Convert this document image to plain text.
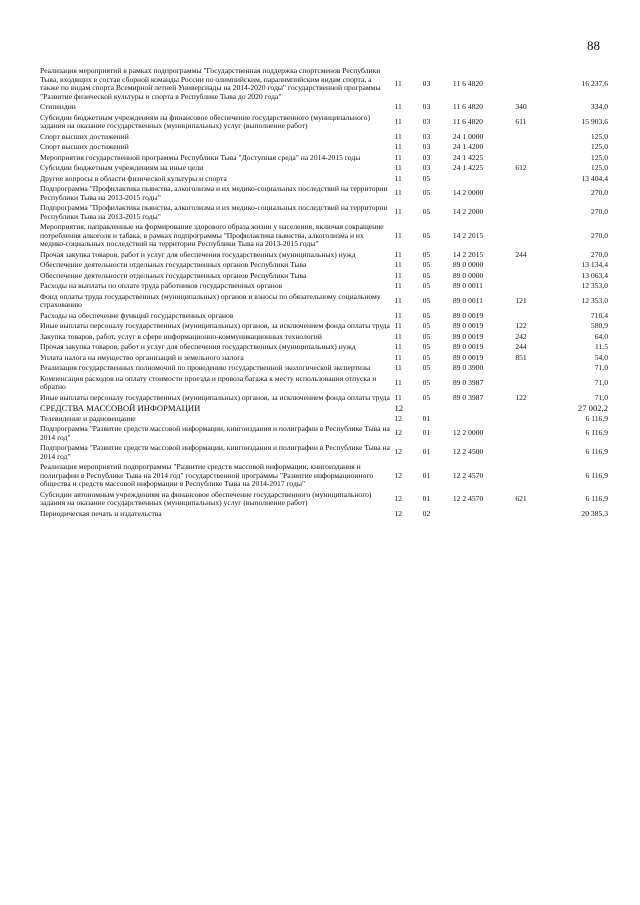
88
Реализация мероприятий в рамках подпрограммы "Государственная поддержка спортсменов Республики Тыва, входящих в состав сборной команды России по олимпийским, паралимпийским видам спорта, а также по видам спорта Всемирной летней Универсиады на 2014-2020 годы" государственной программы "Развитие физической культуры и спорта в Республике Тыва до 2020 года"	11	03	11 6 4820		16 237,6
Стипендии	11	03	11 6 4820	340	334,0
Субсидии бюджетным учреждениям на финансовое обеспечение государственного (муниципального) задания на оказание государственных (муниципальных) услуг (выполнение работ)	11	03	11 6 4820	611	15 903,6
Спорт высших достижений	11	03	24 1 0000		125,0
Спорт высших достижений	11	03	24 1 4200		125,0
Мероприятия государственной программы Республики Тыва "Доступная среда" на 2014-2015 годы	11	03	24 1 4225		125,0
Субсидии бюджетным учреждениям на иные цели	11	03	24 1 4225	612	125,0
Другие вопросы в области физической культуры и спорта	11	05			13 404,4
Подпрограмма "Профилактика пьянства, алкоголизма и их медико-социальных последствий на территории Республики Тыва на 2013-2015 годы"	11	05	14 2 0000		270,0
Подпрограмма "Профилактика пьянства, алкоголизма и их медико-социальных последствий на территории Республики Тыва на 2013-2015 годы"	11	05	14 2 2000		270,0
Мероприятия, направленные на формирование здорового образа жизни у населения, включая сокращение потребления алкоголя и табака, в рамках подпрограммы "Профилактика пьянства, алкоголизма и их медико-социальных последствий на территории Республики Тыва на 2013-2015 годы"	11	05	14 2 2015		270,0
Прочая закупка товаров, работ и услуг для обеспечения государственных (муниципальных) нужд	11	05	14 2 2015	244	270,0
Обеспечение деятельности отдельных государственных органов Республики Тыва	11	05	89 0 0000		13 134,4
Обеспечение деятельности отдельных государственных органов Республики Тыва	11	05	89 0 0000		13 063,4
Расходы на выплаты по оплате труда работников государственных органов	11	05	89 0 0011		12 353,0
Фонд оплаты труда государственных (муниципальных) органов и взносы по обязательному социальному страхованию	11	05	89 0 0011	121	12 353,0
Расходы на обеспечение функций государственных органов	11	05	89 0 0019		710,4
Иные выплаты персоналу государственных (муниципальных) органов, за исключением фонда оплаты труда	11	05	89 0 0019	122	580,9
Закупка товаров, работ, услуг в сфере информационно-коммуникационных технологий	11	05	89 0 0019	242	64,0
Прочая закупка товаров, работ и услуг для обеспечения государственных (муниципальных) нужд	11	05	89 0 0019	244	11,5
Уплата налога на имущество организаций и земельного налога	11	05	89 0 0019	851	54,0
Реализация государственных полномочий по проведению государственной экологической экспертизы	11	05	89 0 3900		71,0
Компенсация расходов на оплату стоимости проезда и провоза багажа к месту использования отпуска и обратно	11	05	89 0 3987		71,0
Иные выплаты персоналу государственных (муниципальных) органов, за исключением фонда оплаты труда	11	05	89 0 3987	122	71,0
СРЕДСТВА МАССОВОЙ ИНФОРМАЦИИ	12				27 002,2
Телевидение и радиовещание	12	01			6 116,9
Подпрограмма "Развитие средств массовой информации, книгоиздания и полиграфии в Республике Тыва на 2014 год"	12	01	12 2 0000		6 116,9
Подпрограмма "Развитие средств массовой информации, книгоиздания и полиграфии в Республике Тыва на 2014 год"	12	01	12 2 4500		6 116,9
Реализация мероприятий подпрограммы "Развитие средств массовой информации, книгоиздания и полиграфии в Республике Тыва на 2014 год" государственной программы "Развитие информационного общества и средств массовой информации в Республике Тыва на 2014-2017 годы"	12	01	12 2 4570		6 116,9
Субсидии автономным учреждениям на финансовое обеспечение государственного (муниципального) задания на оказание государственных (муниципальных) услуг (выполнение работ)	12	01	12 2 4570	621	6 116,9
Периодическая печать и издательства	12	02			20 385,3
